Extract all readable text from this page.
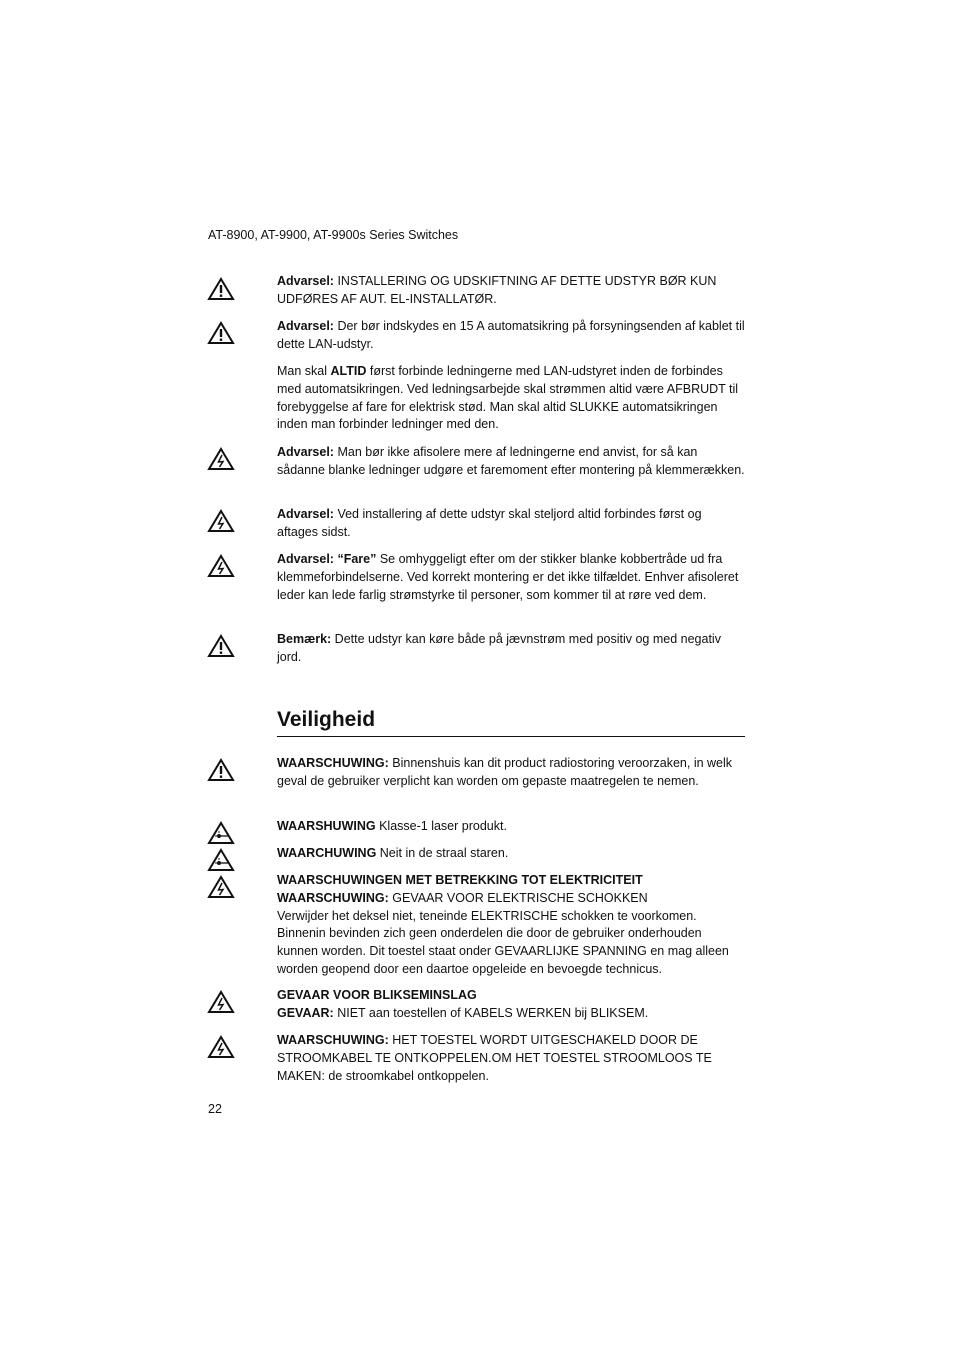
AT-8900, AT-9900, AT-9900s Series Switches

Advarsel: INSTALLERING OG UDSKIFTNING AF DETTE UDSTYR BØR KUN UDFØRES AF AUT. EL-INSTALLATØR.

Advarsel: Der bør indskydes en 15 A automatsikring på forsyningsenden af kablet til dette LAN-udstyr.

Man skal ALTID først forbinde ledningerne med LAN-udstyret inden de forbindes med automatsikringen. Ved ledningsarbejde skal strømmen altid være AFBRUDT til forebyggelse af fare for elektrisk stød. Man skal altid SLUKKE automatsikringen inden man forbinder ledninger med den.

Advarsel: Man bør ikke afisolere mere af ledningerne end anvist, for så kan sådanne blanke ledninger udgøre et faremoment efter montering på klemmerækken.

Advarsel: Ved installering af dette udstyr skal steljord altid forbindes først og aftages sidst.

Advarsel: “Fare” Se omhyggeligt efter om der stikker blanke kobbertråde ud fra klemmeforbindelserne. Ved korrekt montering er det ikke tilfældet. Enhver afisoleret leder kan lede farlig strømstyrke til personer, som kommer til at røre ved dem.

Bemærk: Dette udstyr kan køre både på jævnstrøm med positiv og med negativ jord.

Veiligheid

WAARSCHUWING: Binnenshuis kan dit product radiostoring veroorzaken, in welk geval de gebruiker verplicht kan worden om gepaste maatregelen te nemen.

WAARSHUWING Klasse-1 laser produkt.

WAARCHUWING Neit in de straal staren.

WAARSCHUWINGEN MET BETREKKING TOT ELEKTRICITEIT

WAARSCHUWING: GEVAAR VOOR ELEKTRISCHE SCHOKKEN

Verwijder het deksel niet, teneinde ELEKTRISCHE schokken te voorkomen. Binnenin bevinden zich geen onderdelen die door de gebruiker onderhouden kunnen worden. Dit toestel staat onder GEVAARLIJKE SPANNING en mag alleen worden geopend door een daartoe opgeleide en bevoegde technicus.

GEVAAR VOOR BLIKSEMINSLAG

GEVAAR: NIET aan toestellen of KABELS WERKEN bij BLIKSEM.

WAARSCHUWING: HET TOESTEL WORDT UITGESCHAKELD DOOR DE STROOMKABEL TE ONTKOPPELEN.OM HET TOESTEL STROOMLOOS TE MAKEN: de stroomkabel ontkoppelen.

22
